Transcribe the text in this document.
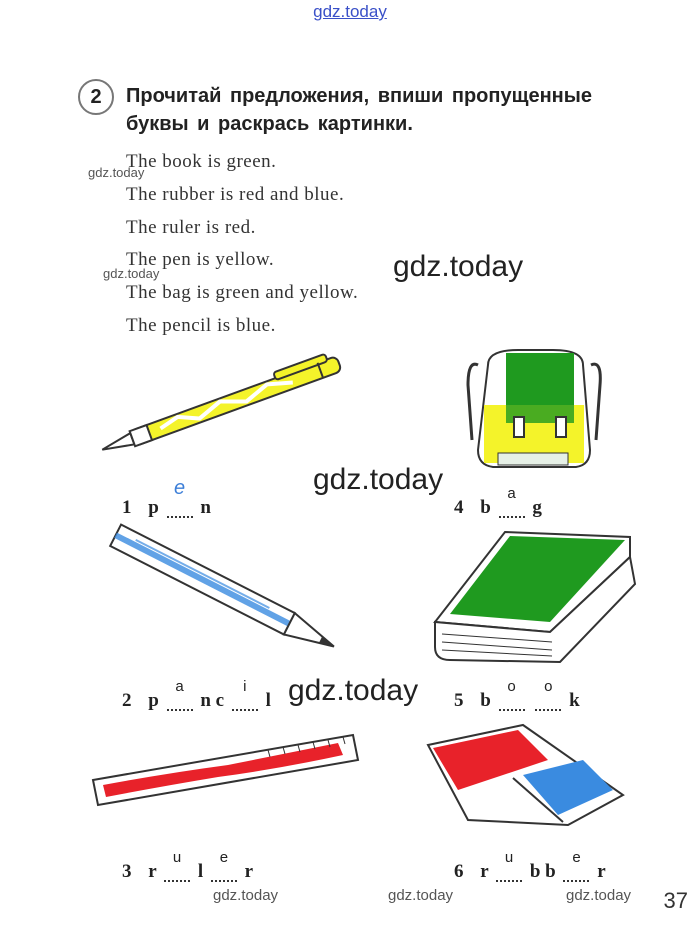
gdz.today
gdz.today
gdz.today	gdz.today
gdz.today
gdz.today
gdz.today	gdz.today	gdz.today
2	Прочитай предложения, впиши пропущенные буквы и раскрась картинки.
The book is green.
The rubber is red and blue.
The ruler is red.
The pen is yellow.
The bag is green and yellow.
The pencil is blue.
1 p
e
n	4 b
a
g
2 p
a
n c
i
l	5 b
o
	o
k
3 r
u
l
e
r	6 r
u
b b
e
r
37
